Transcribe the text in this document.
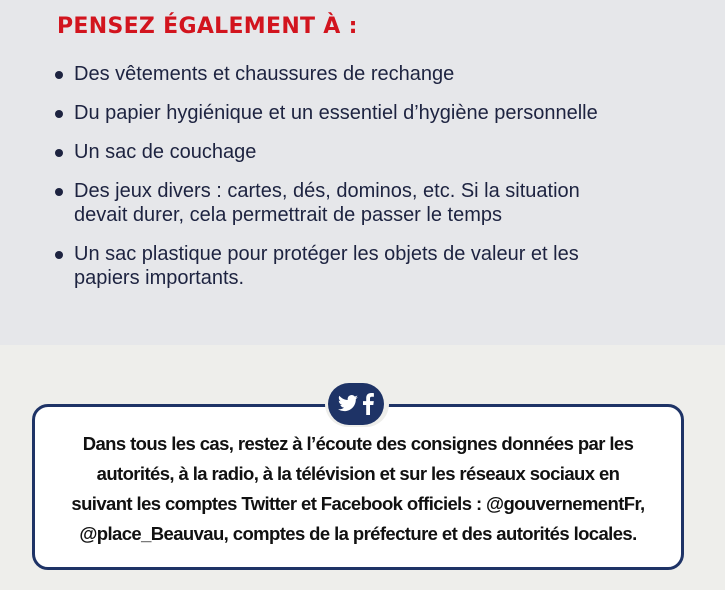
PENSEZ ÉGALEMENT À :
Des vêtements et chaussures de rechange
Du papier hygiénique et un essentiel d’hygiène personnelle
Un sac de couchage
Des jeux divers : cartes, dés, dominos, etc. Si la situation
devait durer, cela permettrait de passer le temps
Un sac plastique pour protéger les objets de valeur et les
papiers importants.
Dans tous les cas, restez à l’écoute des consignes données par les
autorités, à la radio, à la télévision et sur les réseaux sociaux en
suivant les comptes Twitter et Facebook officiels : @gouvernementFr,
@place_Beauvau, comptes de la préfecture et des autorités locales.
